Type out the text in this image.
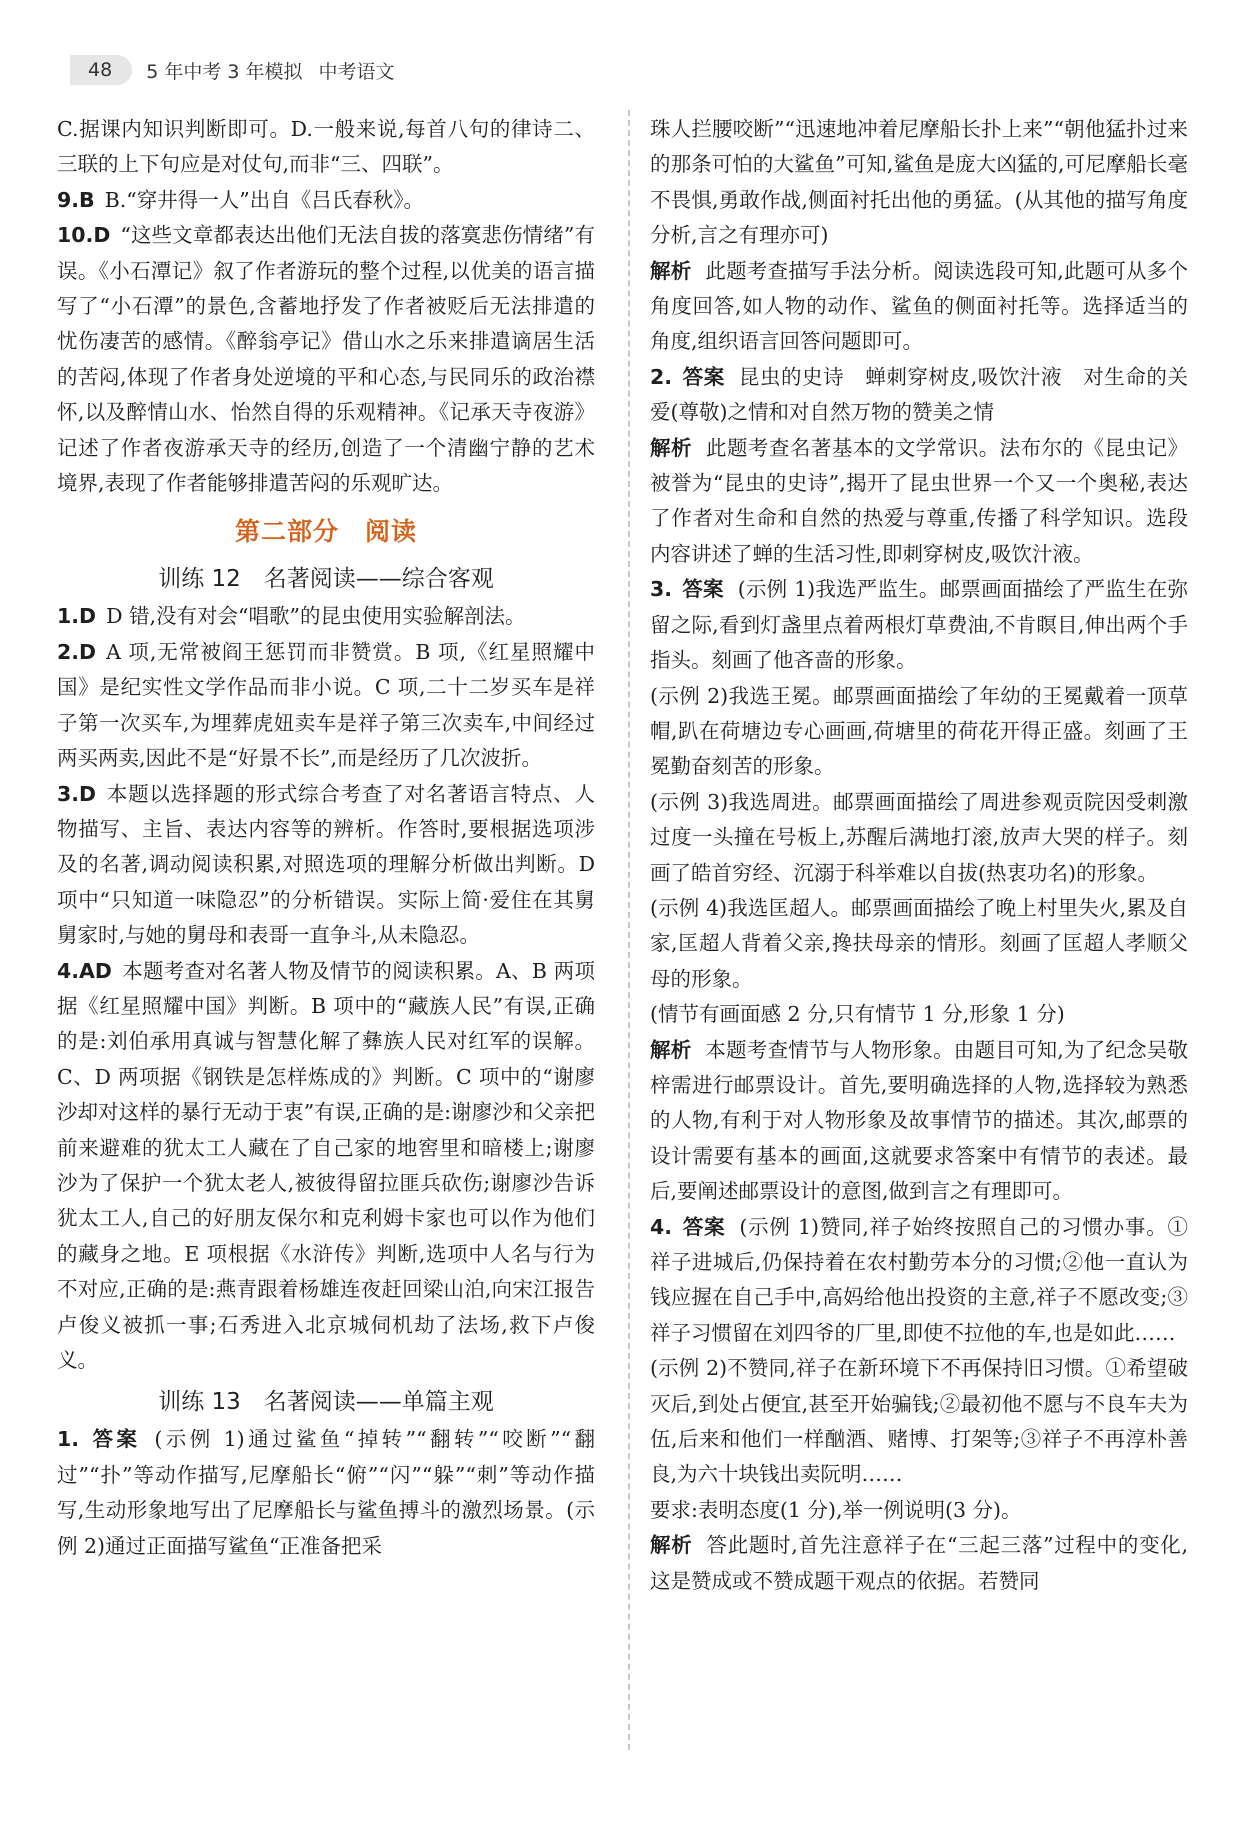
48	5 年中考 3 年模拟 中考语文

C.据课内知识判断即可。D.一般来说,每首八句的律诗二、三联的上下句应是对仗句,而非“三、四联”。

9.B B.“穿井得一人”出自《吕氏春秋》。

10.D “这些文章都表达出他们无法自拔的落寞悲伤情绪”有误。《小石潭记》叙了作者游玩的整个过程,以优美的语言描写了“小石潭”的景色,含蓄地抒发了作者被贬后无法排遣的忧伤凄苦的感情。《醉翁亭记》借山水之乐来排遣谪居生活的苦闷,体现了作者身处逆境的平和心态,与民同乐的政治襟怀,以及醉情山水、怡然自得的乐观精神。《记承天寺夜游》记述了作者夜游承天寺的经历,创造了一个清幽宁静的艺术境界,表现了作者能够排遣苦闷的乐观旷达。

第二部分　阅读
训练 12　名著阅读——综合客观

1.D D 错,没有对会“唱歌”的昆虫使用实验解剖法。

2.D A 项,无常被阎王惩罚而非赞赏。B 项,《红星照耀中国》是纪实性文学作品而非小说。C 项,二十二岁买车是祥子第一次买车,为埋葬虎妞卖车是祥子第三次卖车,中间经过两买两卖,因此不是“好景不长”,而是经历了几次波折。

3.D 本题以选择题的形式综合考查了对名著语言特点、人物描写、主旨、表达内容等的辨析。作答时,要根据选项涉及的名著,调动阅读积累,对照选项的理解分析做出判断。D 项中“只知道一味隐忍”的分析错误。实际上简·爱住在其舅舅家时,与她的舅母和表哥一直争斗,从未隐忍。

4.AD 本题考查对名著人物及情节的阅读积累。A、B 两项据《红星照耀中国》判断。B 项中的“藏族人民”有误,正确的是:刘伯承用真诚与智慧化解了彝族人民对红军的误解。C、D 两项据《钢铁是怎样炼成的》判断。C 项中的“谢廖沙却对这样的暴行无动于衷”有误,正确的是:谢廖沙和父亲把前来避难的犹太工人藏在了自己家的地窖里和暗楼上;谢廖沙为了保护一个犹太老人,被彼得留拉匪兵砍伤;谢廖沙告诉犹太工人,自己的好朋友保尔和克利姆卡家也可以作为他们的藏身之地。E 项根据《水浒传》判断,选项中人名与行为不对应,正确的是:燕青跟着杨雄连夜赶回梁山泊,向宋江报告卢俊义被抓一事;石秀进入北京城伺机劫了法场,救下卢俊义。

训练 13　名著阅读——单篇主观

1. 答案 (示例 1)通过鲨鱼“掉转”“翻转”“咬断”“翻过”“扑”等动作描写,尼摩船长“俯”“闪”“躲”“刺”等动作描写,生动形象地写出了尼摩船长与鲨鱼搏斗的激烈场景。(示例 2)通过正面描写鲨鱼“正准备把采

珠人拦腰咬断”“迅速地冲着尼摩船长扑上来”“朝他猛扑过来的那条可怕的大鲨鱼”可知,鲨鱼是庞大凶猛的,可尼摩船长毫不畏惧,勇敢作战,侧面衬托出他的勇猛。(从其他的描写角度分析,言之有理亦可)

解析 此题考查描写手法分析。阅读选段可知,此题可从多个角度回答,如人物的动作、鲨鱼的侧面衬托等。选择适当的角度,组织语言回答问题即可。

2. 答案 昆虫的史诗　蝉刺穿树皮,吸饮汁液　对生命的关爱(尊敬)之情和对自然万物的赞美之情

解析 此题考查名著基本的文学常识。法布尔的《昆虫记》被誉为“昆虫的史诗”,揭开了昆虫世界一个又一个奥秘,表达了作者对生命和自然的热爱与尊重,传播了科学知识。选段内容讲述了蝉的生活习性,即刺穿树皮,吸饮汁液。

3. 答案 (示例 1)我选严监生。邮票画面描绘了严监生在弥留之际,看到灯盏里点着两根灯草费油,不肯瞑目,伸出两个手指头。刻画了他吝啬的形象。

(示例 2)我选王冕。邮票画面描绘了年幼的王冕戴着一顶草帽,趴在荷塘边专心画画,荷塘里的荷花开得正盛。刻画了王冕勤奋刻苦的形象。

(示例 3)我选周进。邮票画面描绘了周进参观贡院因受刺激过度一头撞在号板上,苏醒后满地打滚,放声大哭的样子。刻画了皓首穷经、沉溺于科举难以自拔(热衷功名)的形象。

(示例 4)我选匡超人。邮票画面描绘了晚上村里失火,累及自家,匡超人背着父亲,搀扶母亲的情形。刻画了匡超人孝顺父母的形象。

(情节有画面感 2 分,只有情节 1 分,形象 1 分)

解析 本题考查情节与人物形象。由题目可知,为了纪念吴敬梓需进行邮票设计。首先,要明确选择的人物,选择较为熟悉的人物,有利于对人物形象及故事情节的描述。其次,邮票的设计需要有基本的画面,这就要求答案中有情节的表述。最后,要阐述邮票设计的意图,做到言之有理即可。

4. 答案 (示例 1)赞同,祥子始终按照自己的习惯办事。①祥子进城后,仍保持着在农村勤劳本分的习惯;②他一直认为钱应握在自己手中,高妈给他出投资的主意,祥子不愿改变;③祥子习惯留在刘四爷的厂里,即使不拉他的车,也是如此……

(示例 2)不赞同,祥子在新环境下不再保持旧习惯。①希望破灭后,到处占便宜,甚至开始骗钱;②最初他不愿与不良车夫为伍,后来和他们一样酗酒、赌博、打架等;③祥子不再淳朴善良,为六十块钱出卖阮明……

要求:表明态度(1 分),举一例说明(3 分)。

解析 答此题时,首先注意祥子在“三起三落”过程中的变化,这是赞成或不赞成题干观点的依据。若赞同
